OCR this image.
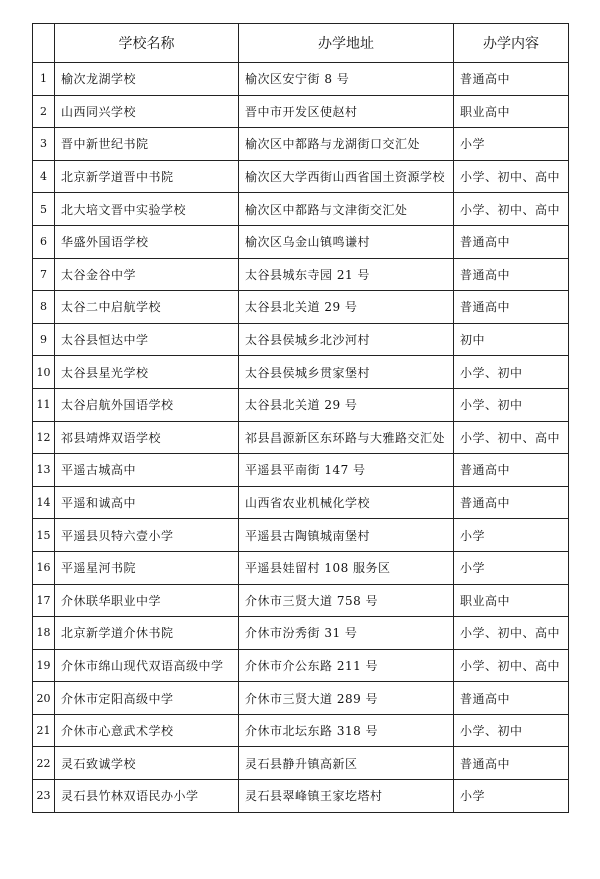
	学校名称	办学地址	办学内容
1	榆次龙湖学校	榆次区安宁街 8 号	普通高中
2	山西同兴学校	晋中市开发区使赵村	职业高中
3	晋中新世纪书院	榆次区中都路与龙湖街口交汇处	小学
4	北京新学道晋中书院	榆次区大学西街山西省国土资源学校	小学、初中、高中
5	北大培文晋中实验学校	榆次区中都路与文津街交汇处	小学、初中、高中
6	华盛外国语学校	榆次区乌金山镇鸣谦村	普通高中
7	太谷金谷中学	太谷县城东寺园 21 号	普通高中
8	太谷二中启航学校	太谷县北关道 29 号	普通高中
9	太谷县恒达中学	太谷县侯城乡北沙河村	初中
10	太谷县星光学校	太谷县侯城乡贯家堡村	小学、初中
11	太谷启航外国语学校	太谷县北关道 29 号	小学、初中
12	祁县靖烨双语学校	祁县昌源新区东环路与大雅路交汇处	小学、初中、高中
13	平遥古城高中	平遥县平南街 147 号	普通高中
14	平遥和诚高中	山西省农业机械化学校	普通高中
15	平遥县贝特六壹小学	平遥县古陶镇城南堡村	小学
16	平遥星河书院	平遥县娃留村 108 服务区	小学
17	介休联华职业中学	介休市三贤大道 758 号	职业高中
18	北京新学道介休书院	介休市汾秀街 31 号	小学、初中、高中
19	介休市绵山现代双语高级中学	介休市介公东路 211 号	小学、初中、高中
20	介休市定阳高级中学	介休市三贤大道 289 号	普通高中
21	介休市心意武术学校	介休市北坛东路 318 号	小学、初中
22	灵石致诚学校	灵石县静升镇高新区	普通高中
23	灵石县竹林双语民办小学	灵石县翠峰镇王家圪塔村	小学
